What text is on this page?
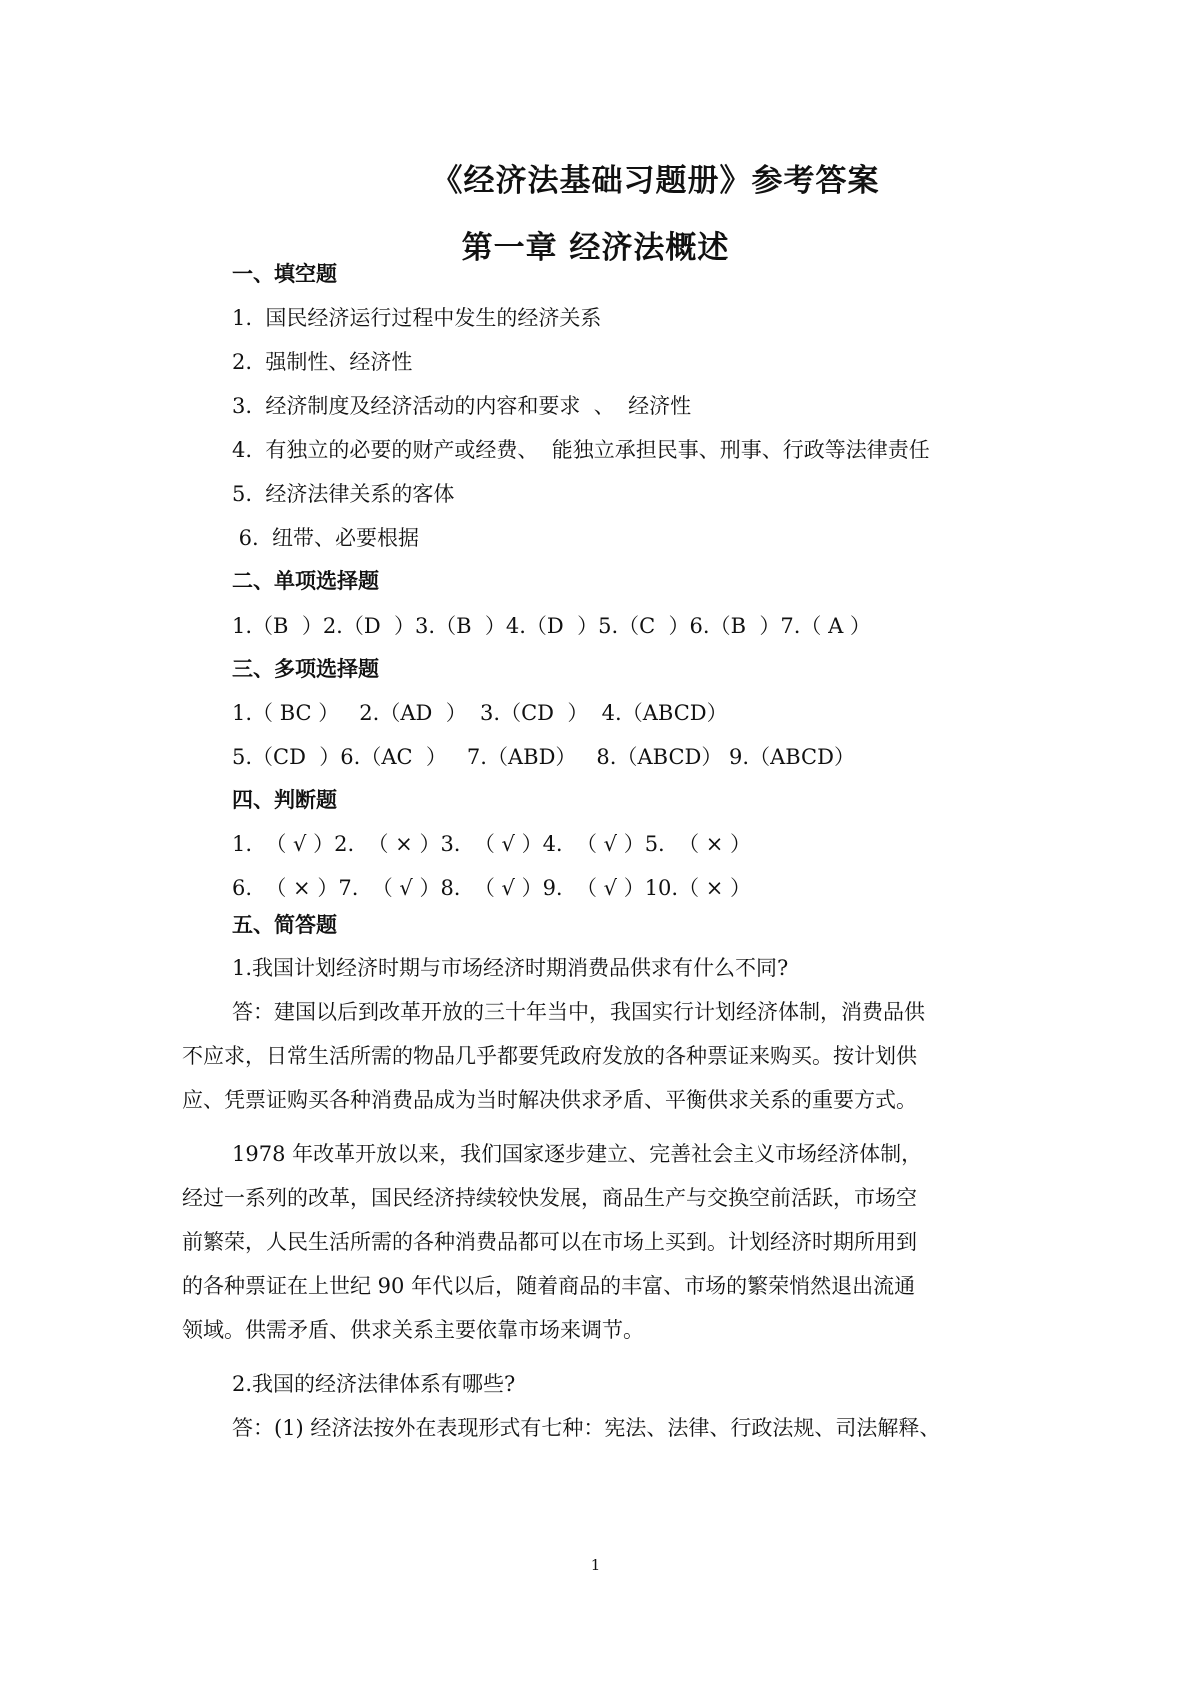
《经济法基础习题册》参考答案
第一章 经济法概述
一、填空题
1.  国民经济运行过程中发生的经济关系
2.  强制性、经济性
3.  经济制度及经济活动的内容和要求  、  经济性
4.  有独立的必要的财产或经费、  能独立承担民事、刑事、行政等法律责任
5.  经济法律关系的客体
6.  纽带、必要根据
二、单项选择题
1.（B  ）2.（D  ）3.（B  ）4.（D  ）5.（C  ）6.（B  ）7.（ A ）
三、多项选择题
1.（ BC ）   2.（AD  ）  3.（CD  ）  4.（ABCD）
5.（CD  ）6.（AC  ）   7.（ABD）   8.（ABCD） 9.（ABCD）
四、判断题
1.  （ √ ）2.  （ × ）3.  （ √ ）4.  （ √ ）5.  （ × ）
6.  （ × ）7.  （ √ ）8.  （ √ ）9.  （ √ ）10.（ × ）
五、简答题
1.我国计划经济时期与市场经济时期消费品供求有什么不同?
答：建国以后到改革开放的三十年当中，我国实行计划经济体制，消费品供
不应求，日常生活所需的物品几乎都要凭政府发放的各种票证来购买。按计划供
应、凭票证购买各种消费品成为当时解决供求矛盾、平衡供求关系的重要方式。
1978 年改革开放以来，我们国家逐步建立、完善社会主义市场经济体制，
经过一系列的改革，国民经济持续较快发展，商品生产与交换空前活跃，市场空
前繁荣，人民生活所需的各种消费品都可以在市场上买到。计划经济时期所用到
的各种票证在上世纪 90 年代以后，随着商品的丰富、市场的繁荣悄然退出流通
领域。供需矛盾、供求关系主要依靠市场来调节。
2.我国的经济法律体系有哪些?
答：(1) 经济法按外在表现形式有七种：宪法、法律、行政法规、司法解释、
1
